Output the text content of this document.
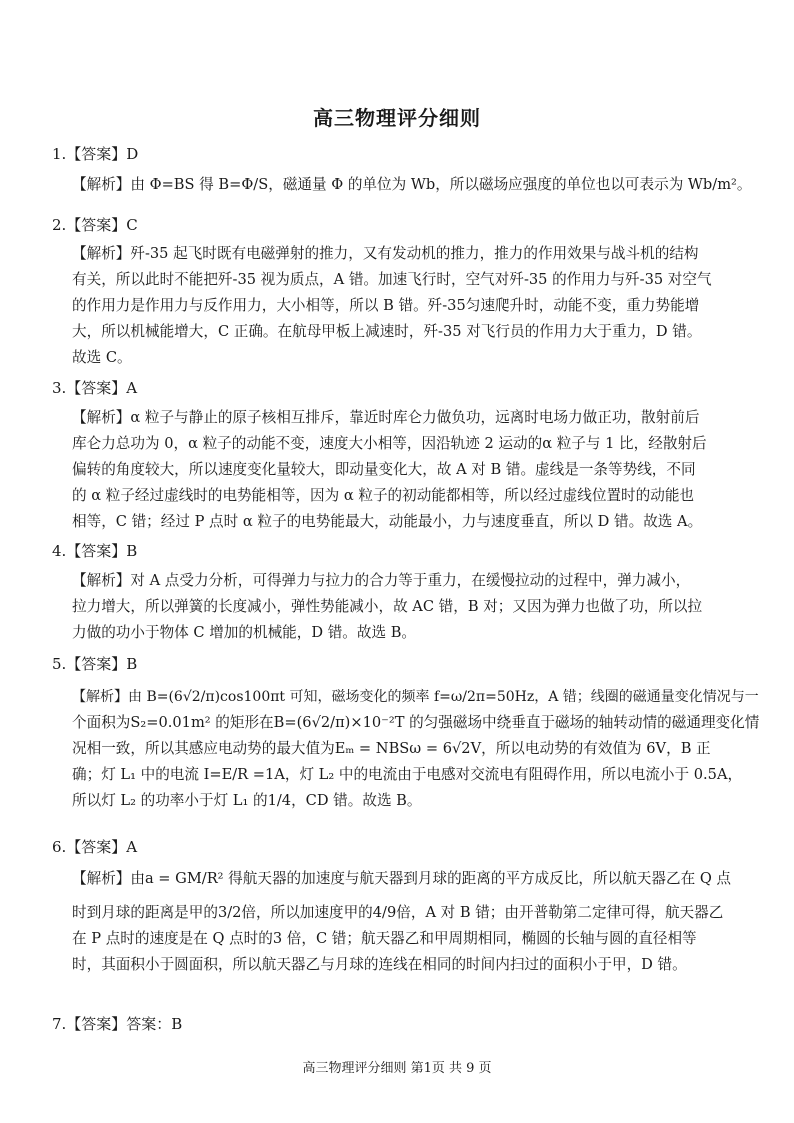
高三物理评分细则
1.【答案】D
【解析】由 Φ=BS 得 B=Φ/S，磁通量 Φ 的单位为 Wb，所以磁场应强度的单位也以可表示为 Wb/m²。
2.【答案】C
【解析】歼-35 起飞时既有电磁弹射的推力，又有发动机的推力，推力的作用效果与战斗机的结构
有关，所以此时不能把歼-35 视为质点，A 错。加速飞行时，空气对歼-35 的作用力与歼-35 对空气
的作用力是作用力与反作用力，大小相等，所以 B 错。歼-35匀速爬升时，动能不变，重力势能增
大，所以机械能增大，C 正确。在航母甲板上减速时，歼-35 对飞行员的作用力大于重力，D 错。
故选 C。
3.【答案】A
【解析】α 粒子与静止的原子核相互排斥，靠近时库仑力做负功，远离时电场力做正功，散射前后
库仑力总功为 0，α 粒子的动能不变，速度大小相等，因沿轨迹 2 运动的α 粒子与 1 比，经散射后
偏转的角度较大，所以速度变化量较大，即动量变化大，故 A 对 B 错。虚线是一条等势线，不同
的 α 粒子经过虚线时的电势能相等，因为 α 粒子的初动能都相等，所以经过虚线位置时的动能也
相等，C 错；经过 P 点时 α 粒子的电势能最大，动能最小，力与速度垂直，所以 D 错。故选 A。
4.【答案】B
【解析】对 A 点受力分析，可得弹力与拉力的合力等于重力，在缓慢拉动的过程中，弹力减小，
拉力增大，所以弹簧的长度减小，弹性势能减小，故 AC 错，B 对；又因为弹力也做了功，所以拉
力做的功小于物体 C 增加的机械能，D 错。故选 B。
5.【答案】B
【解析】由 B=(6√2/π)cos100πt 可知，磁场变化的频率 f=ω/2π=50Hz，A 错；线圈的磁通量变化情况与一
个面积为S₂=0.01m² 的矩形在B=(6√2/π)×10⁻²T 的匀强磁场中绕垂直于磁场的轴转动情的磁通理变化情
况相一致，所以其感应电动势的最大值为Eₘ = NBSω = 6√2V，所以电动势的有效值为 6V，B 正
确；灯 L₁ 中的电流 I=E/R =1A，灯 L₂ 中的电流由于电感对交流电有阻碍作用，所以电流小于 0.5A，
所以灯 L₂ 的功率小于灯 L₁ 的1/4，CD 错。故选 B。
6.【答案】A
【解析】由a = GM/R² 得航天器的加速度与航天器到月球的距离的平方成反比，所以航天器乙在 Q 点
时到月球的距离是甲的3/2倍，所以加速度甲的4/9倍，A 对 B 错；由开普勒第二定律可得，航天器乙
在 P 点时的速度是在 Q 点时的3 倍，C 错；航天器乙和甲周期相同，椭圆的长轴与圆的直径相等
时，其面积小于圆面积，所以航天器乙与月球的连线在相同的时间内扫过的面积小于甲，D 错。
7.【答案】答案：B
高三物理评分细则 第1页 共 9 页
